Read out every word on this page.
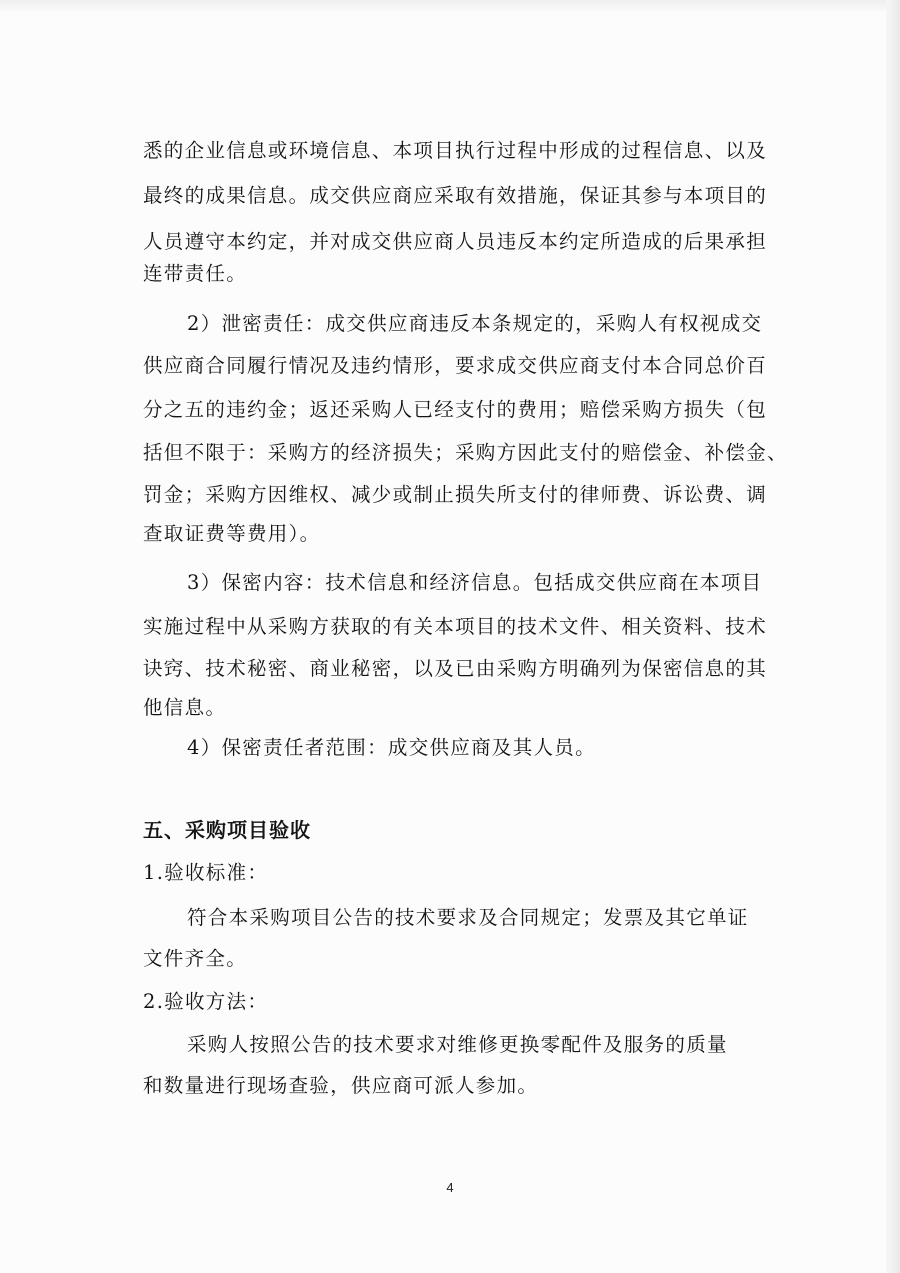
悉的企业信息或环境信息、本项目执行过程中形成的过程信息、以及
最终的成果信息。成交供应商应采取有效措施，保证其参与本项目的
人员遵守本约定，并对成交供应商人员违反本约定所造成的后果承担
连带责任。
2）泄密责任：成交供应商违反本条规定的，采购人有权视成交
供应商合同履行情况及违约情形，要求成交供应商支付本合同总价百
分之五的违约金；返还采购人已经支付的费用；赔偿采购方损失（包
括但不限于：采购方的经济损失；采购方因此支付的赔偿金、补偿金、
罚金；采购方因维权、减少或制止损失所支付的律师费、诉讼费、调
查取证费等费用）。
3）保密内容：技术信息和经济信息。包括成交供应商在本项目
实施过程中从采购方获取的有关本项目的技术文件、相关资料、技术
诀窍、技术秘密、商业秘密，以及已由采购方明确列为保密信息的其
他信息。
4）保密责任者范围：成交供应商及其人员。
五、采购项目验收
1.验收标准：
符合本采购项目公告的技术要求及合同规定；发票及其它单证
文件齐全。
2.验收方法：
采购人按照公告的技术要求对维修更换零配件及服务的质量
和数量进行现场查验，供应商可派人参加。
4
